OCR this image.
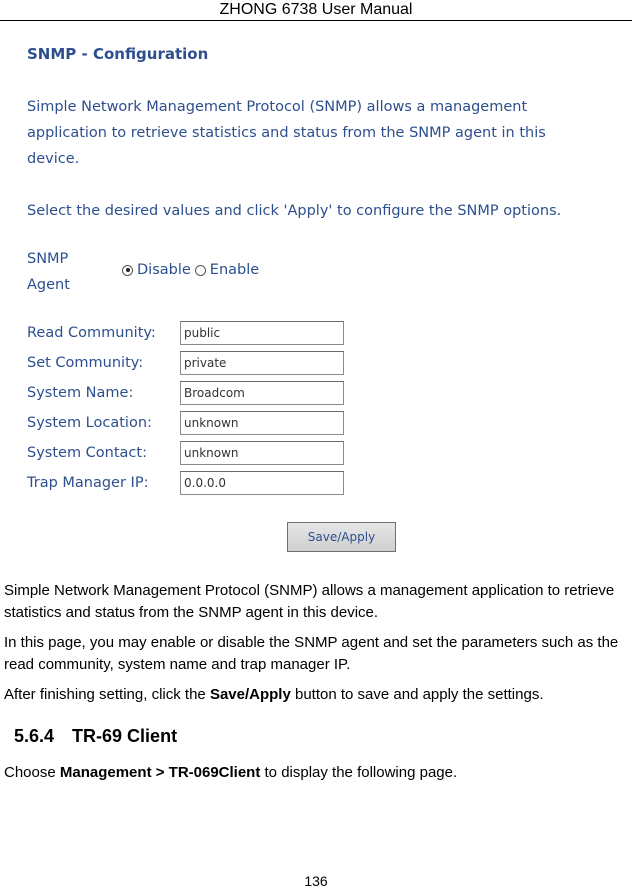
ZHONG 6738 User Manual
SNMP - Configuration
Simple Network Management Protocol (SNMP) allows a management
application to retrieve statistics and status from the SNMP agent in this
device.
Select the desired values and click 'Apply' to configure the SNMP options.
SNMP
Agent
Disable Enable
Read Community:	public
Set Community:	private
System Name:	Broadcom
System Location:	unknown
System Contact:	unknown
Trap Manager IP:	0.0.0.0
Save/Apply
Simple Network Management Protocol (SNMP) allows a management application to retrieve statistics and status from the SNMP agent in this device.
In this page, you may enable or disable the SNMP agent and set the parameters such as the read community, system name and trap manager IP.
After finishing setting, click the Save/Apply button to save and apply the settings.
5.6.4 TR-69 Client
Choose Management > TR-069Client to display the following page.
136
